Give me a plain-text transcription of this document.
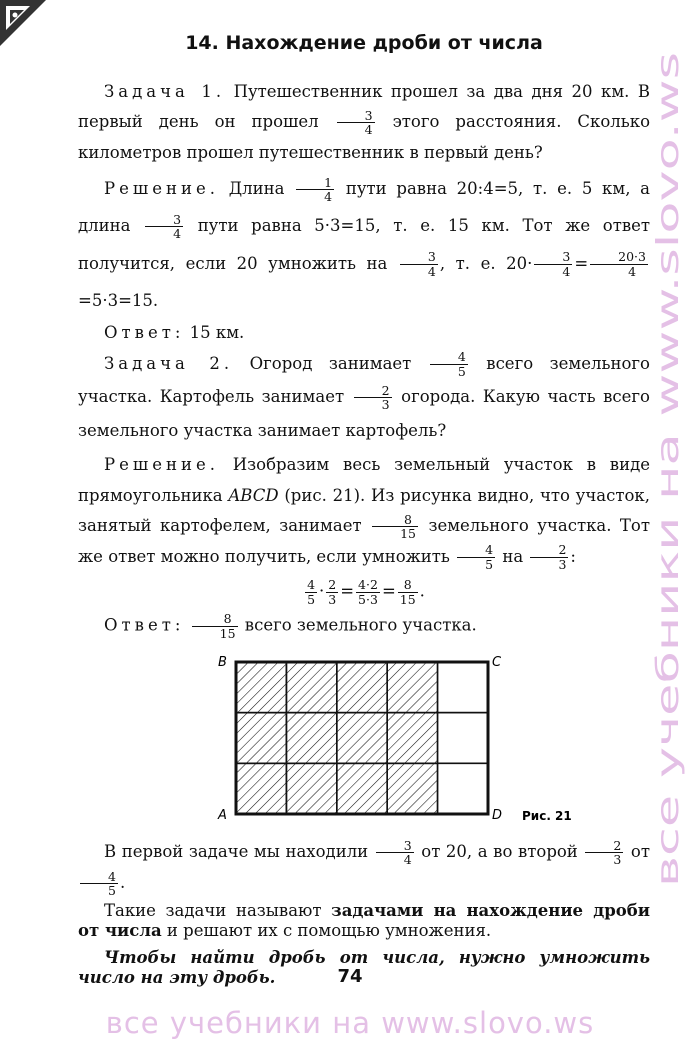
14. Нахождение дроби от числа

Задача 1. Путешественник прошел за два дня 20 км. В первый день он прошел $\frac{3}{4}$ этого расстояния. Сколько километров прошел путешественник в первый день?

Решение. Длина $\frac{1}{4}$ пути равна 20:4=5, т. е. 5 км, а длина $\frac{3}{4}$ пути равна 5·3=15, т. е. 15 км. Тот же ответ получится, если 20 умножить на $\frac{3}{4}$ , т. е. $20\cdot \frac{3}{4} = \frac{20\cdot 3}{4}$
=5·3=15.

Ответ: 15 км.

Задача 2. Огород занимает $\frac{4}{5}$ всего земельного участка. Картофель занимает $\frac{2}{3}$ огорода. Какую часть всего земельного участка занимает картофель?

Решение. Изобразим весь земельный участок в виде прямоугольника ABCD (рис. 21). Из рисунка видно, что участок, занятый картофелем, занимает $\frac{8}{15}$ земельного участка. Тот же ответ можно получить, если умножить $\frac{4}{5}$ на $\frac{2}{3}$ :

$\frac{4}{5} \cdot \frac{2}{3} = \frac{4\cdot 2}{5\cdot 3} = \frac{8}{15}$ .

Ответ: $\frac{8}{15}$ всего земельного участка.

B	C
A	D Рис. 21

В первой задаче мы находили $\frac{3}{4}$ от 20, а во второй $\frac{2}{3}$ от
$\frac{4}{5}$ .

Такие задачи называют задачами на нахождение дроби от числа и решают их с помощью умножения.

Чтобы найти дробь от числа, нужно умножить число на эту дробь.	74
все учебники на www.slovo.ws
все учебники на www.slovo.ws
